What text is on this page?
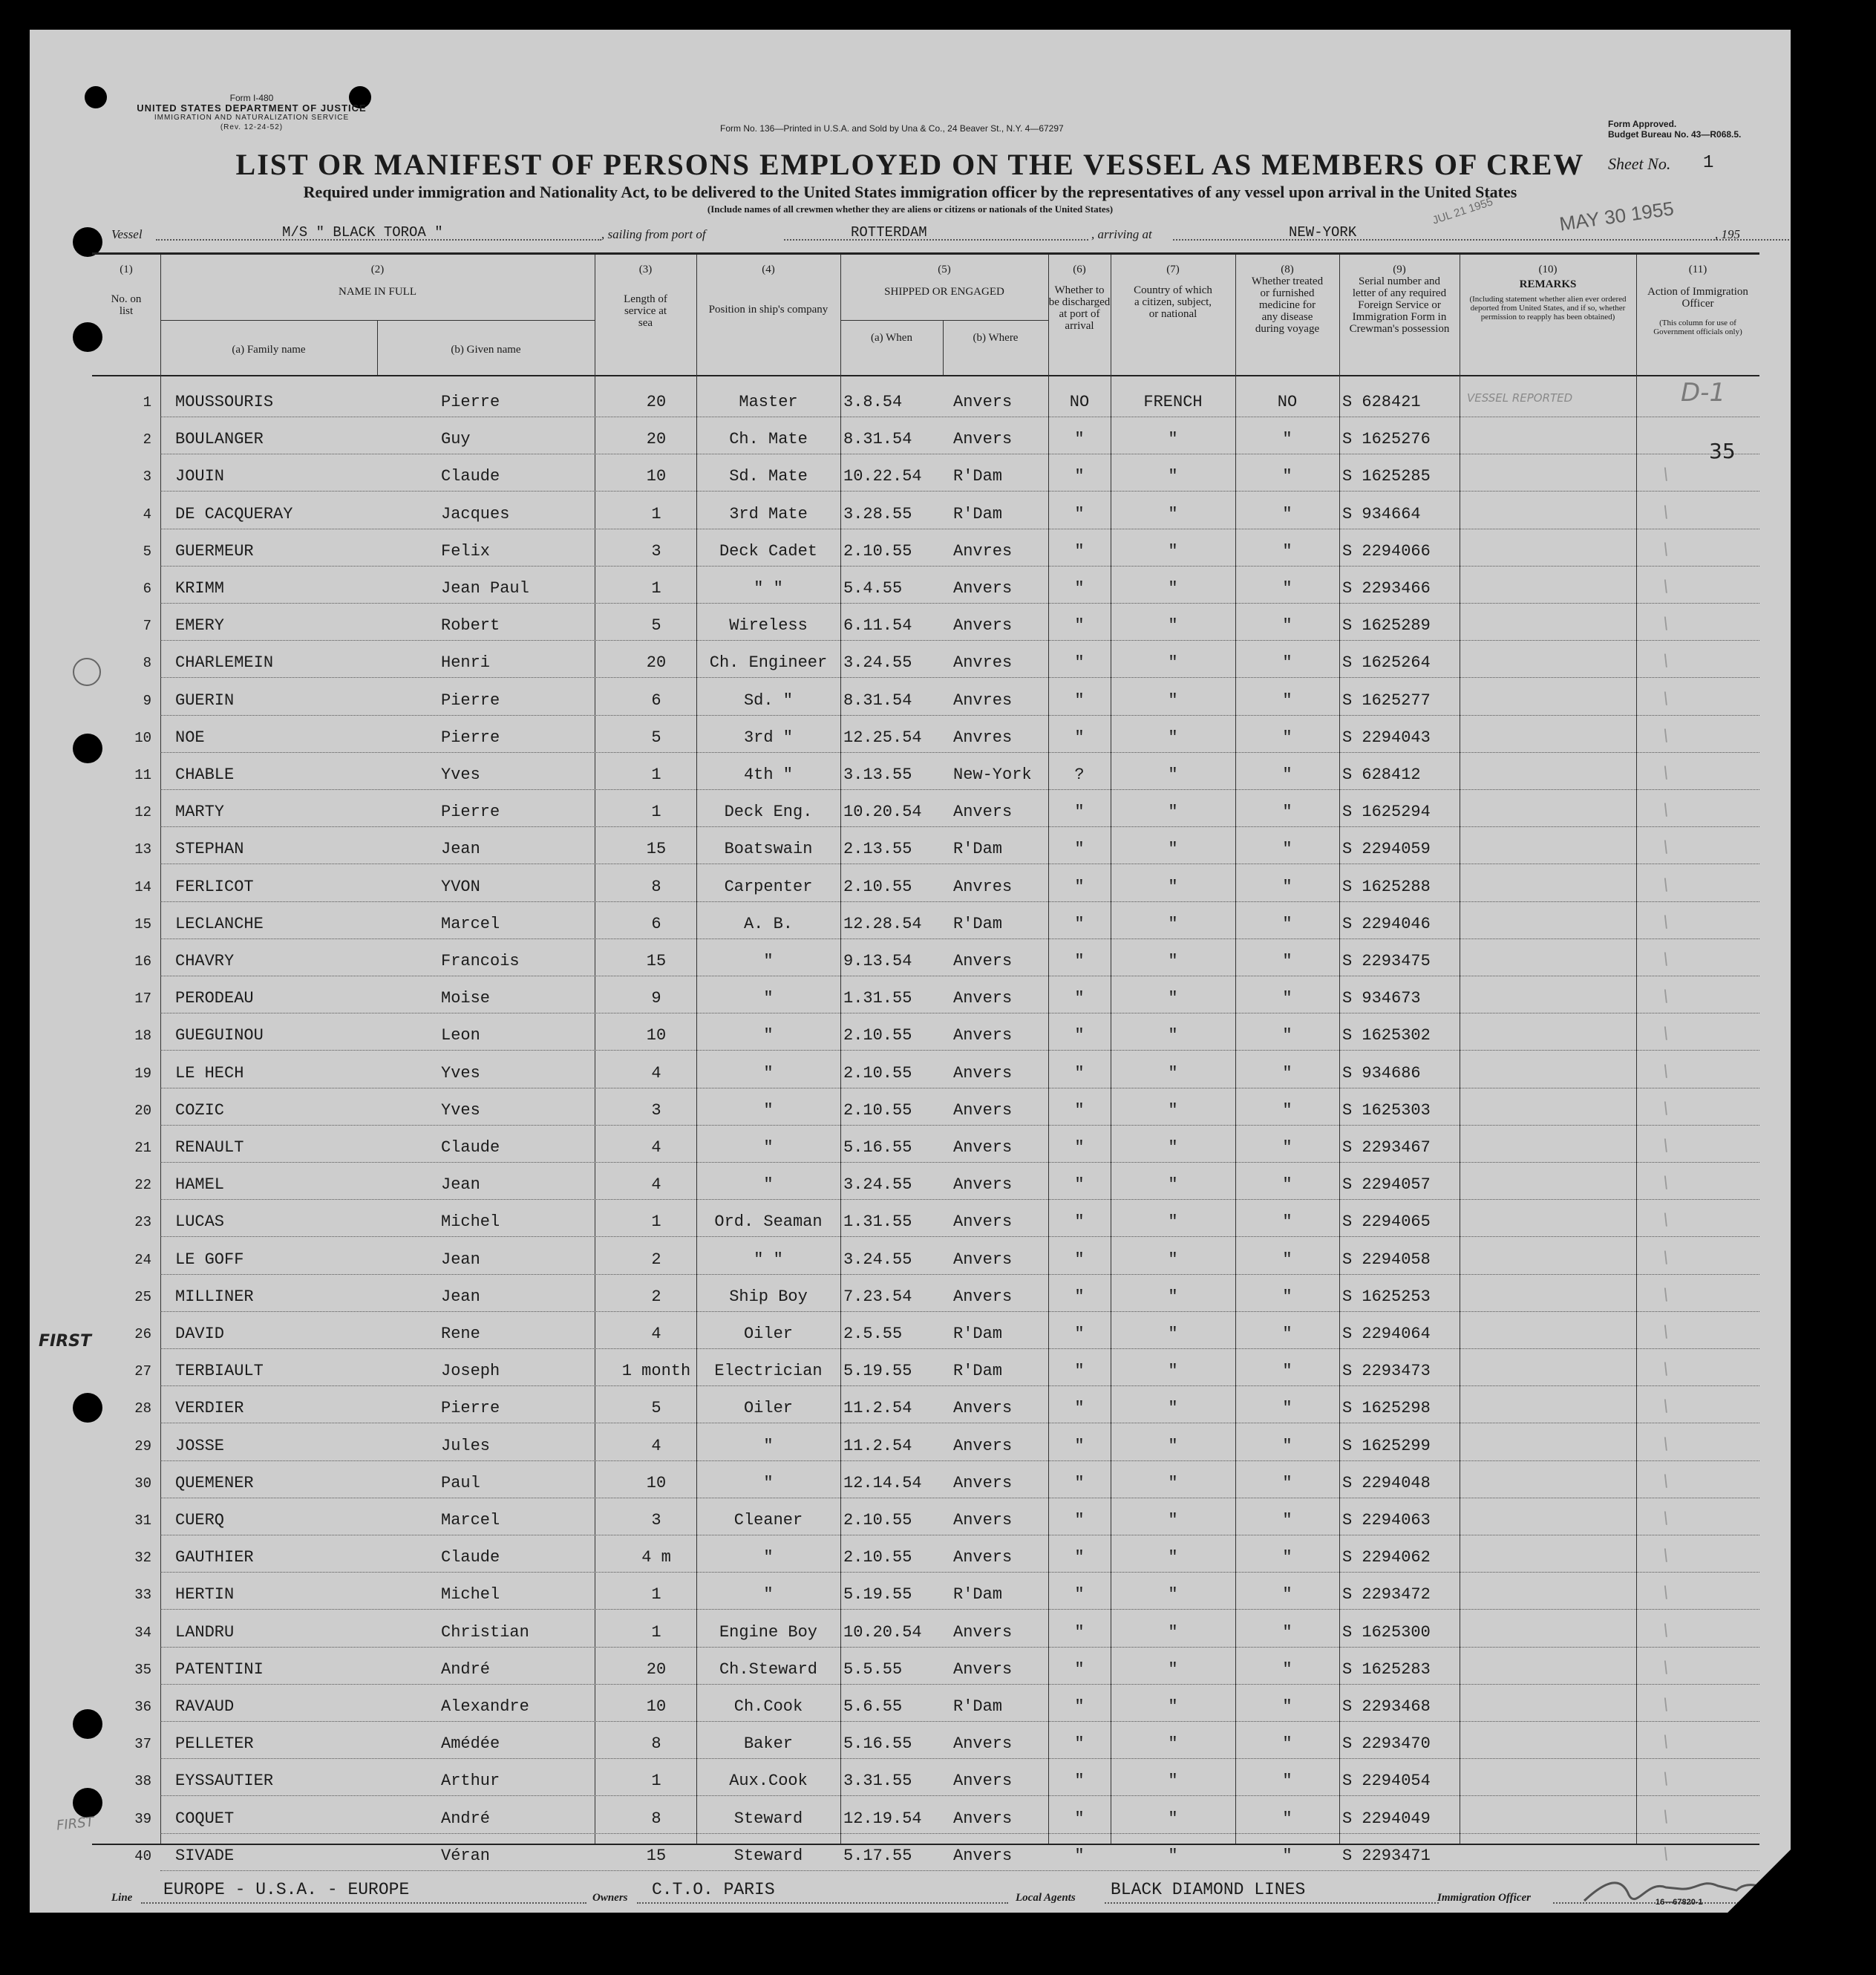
Form I-480
UNITED STATES DEPARTMENT OF JUSTICE
IMMIGRATION AND NATURALIZATION SERVICE
(Rev. 12-24-52)	Form No. 136—Printed in U.S.A. and Sold by Una & Co., 24 Beaver St., N.Y. 4—67297	Form Approved.
Budget Bureau No. 43—R068.5.
LIST OR MANIFEST OF PERSONS EMPLOYED ON THE VESSEL AS MEMBERS OF CREW	Sheet No. 1
Required under immigration and Nationality Act, to be delivered to the United States immigration officer by the representatives of any vessel upon arrival in the United States
(Include names of all crewmen whether they are aliens or citizens or nationals of the United States)
Vessel	M/S " BLACK TOROA "	, sailing from port of	ROTTERDAM	, arriving at	NEW-YORK	, 195
JUL 21 1955	MAY 30 1955
(1)
No. on list
(2)
NAME IN FULL
(a) Family name	(b) Given name
(3)
Length of service at sea
(4)
Position in ship's company
(5)
SHIPPED OR ENGAGED
(a) When	(b) Where
(6)
Whether to be discharged at port of arrival
(7)
Country of which a citizen, subject, or national
(8)
Whether treated or furnished medicine for any disease during voyage
(9)
Serial number and letter of any required Foreign Service or Immigration Form in Crewman's possession
(10)
REMARKS
(Including statement whether alien ever ordered deported from United States, and if so, whether permission to reapply has been obtained)
(11)
Action of Immigration Officer
(This column for use of Government officials only)
1 MOUSSOURIS	Pierre	20	Master	3.8.54	Anvers	NO	FRENCH	NO	S 628421
2 BOULANGER	Guy	20	Ch. Mate	8.31.54	Anvers	"	"	"	S 1625276
3 JOUIN	Claude	10	Sd. Mate	10.22.54 R'Dam	"	"	"	S 1625285	\
4 DE CACQUERAY	Jacques	1	3rd Mate	3.28.55	R'Dam	"	"	"	S 934664	\
5 GUERMEUR	Felix	3	Deck Cadet	2.10.55	Anvres	"	"	"	S 2294066	\
6 KRIMM	Jean Paul	1	" "	5.4.55	Anvers	"	"	"	S 2293466	\
7 EMERY	Robert	5	Wireless	6.11.54	Anvers	"	"	"	S 1625289	\
8 CHARLEMEIN	Henri	20	Ch. Engineer 3.24.55	Anvres	"	"	"	S 1625264	\
9 GUERIN	Pierre	6	Sd. "	8.31.54	Anvres	"	"	"	S 1625277	\
10 NOE	Pierre	5	3rd "	12.25.54 Anvres	"	"	"	S 2294043	\
11 CHABLE	Yves	1	4th "	3.13.55	New-York	?	"	"	S 628412	\
12 MARTY	Pierre	1	Deck Eng.	10.20.54 Anvers	"	"	"	S 1625294	\
13 STEPHAN	Jean	15	Boatswain	2.13.55	R'Dam	"	"	"	S 2294059	\
14 FERLICOT	YVON	8	Carpenter	2.10.55	Anvres	"	"	"	S 1625288	\
15 LECLANCHE	Marcel	6	A. B.	12.28.54 R'Dam	"	"	"	S 2294046	\
16 CHAVRY	Francois	15	"	9.13.54	Anvers	"	"	"	S 2293475	\
17 PERODEAU	Moise	9	"	1.31.55	Anvers	"	"	"	S 934673	\
18 GUEGUINOU	Leon	10	"	2.10.55	Anvers	"	"	"	S 1625302	\
19 LE HECH	Yves	4	"	2.10.55	Anvers	"	"	"	S 934686	\
20 COZIC	Yves	3	"	2.10.55	Anvers	"	"	"	S 1625303	\
21 RENAULT	Claude	4	"	5.16.55	Anvers	"	"	"	S 2293467	\
22 HAMEL	Jean	4	"	3.24.55	Anvers	"	"	"	S 2294057	\
23 LUCAS	Michel	1	Ord. Seaman	1.31.55	Anvers	"	"	"	S 2294065	\
24 LE GOFF	Jean	2	" "	3.24.55	Anvers	"	"	"	S 2294058	\
25 MILLINER	Jean	2	Ship Boy	7.23.54	Anvers	"	"	"	S 1625253	\
26 DAVID	Rene	4	Oiler	2.5.55	R'Dam	"	"	"	S 2294064	\
27 TERBIAULT	Joseph	1 month	Electrician	5.19.55	R'Dam	"	"	"	S 2293473	\
28 VERDIER	Pierre	5	Oiler	11.2.54	Anvers	"	"	"	S 1625298	\
29 JOSSE	Jules	4	"	11.2.54	Anvers	"	"	"	S 1625299	\
30 QUEMENER	Paul	10	"	12.14.54 Anvers	"	"	"	S 2294048	\
31 CUERQ	Marcel	3	Cleaner	2.10.55	Anvers	"	"	"	S 2294063	\
32 GAUTHIER	Claude	4 m	"	2.10.55	Anvers	"	"	"	S 2294062	\
33 HERTIN	Michel	1	"	5.19.55	R'Dam	"	"	"	S 2293472	\
34 LANDRU	Christian	1	Engine Boy	10.20.54 Anvers	"	"	"	S 1625300	\
35 PATENTINI	André	20	Ch.Steward	5.5.55	Anvers	"	"	"	S 1625283	\
36 RAVAUD	Alexandre	10	Ch.Cook	5.6.55	R'Dam	"	"	"	S 2293468	\
37 PELLETER	Amédée	8	Baker	5.16.55	Anvers	"	"	"	S 2293470	\
38 EYSSAUTIER	Arthur	1	Aux.Cook	3.31.55	Anvers	"	"	"	S 2294054	\
39 COQUET	André	8	Steward	12.19.54 Anvers	"	"	"	S 2294049	\
40 SIVADE	Véran	15	Steward	5.17.55	Anvers	"	"	"	S 2293471	\
VESSEL REPORTED	D-1
35
FIRST
FIRST
Line EUROPE - U.S.A. - EUROPE	Owners C.T.O. PARIS	Local Agents BLACK DIAMOND LINES	Immigration Officer	16—67820-1
